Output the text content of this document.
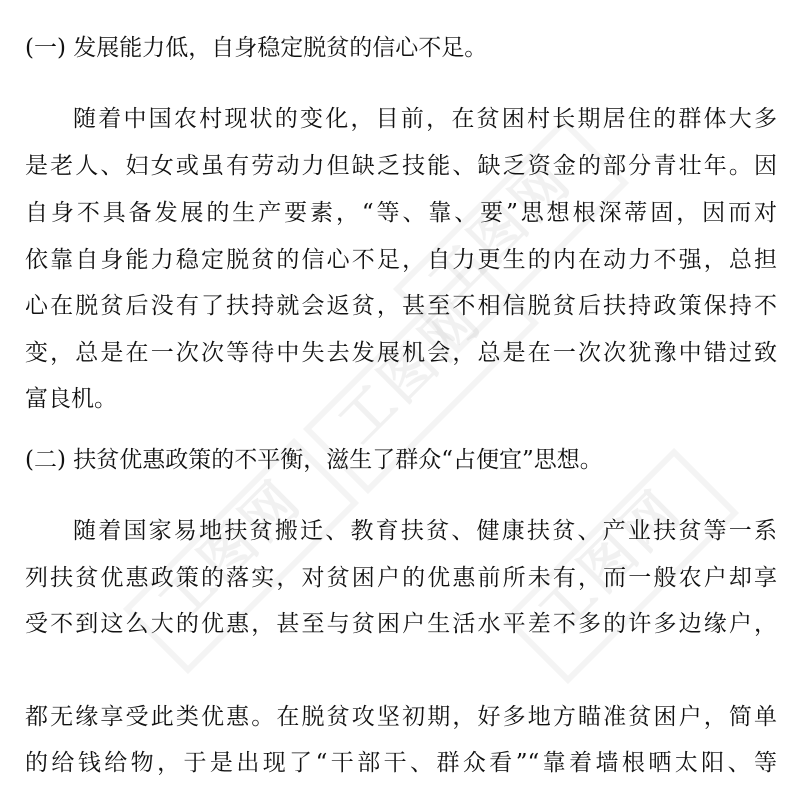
工图网
工图网
工图网
工图网
(一) 发展能力低，自身稳定脱贫的信心不足。
随着中国农村现状的变化，目前，在贫困村长期居住的群体大多
是老人、妇女或虽有劳动力但缺乏技能、缺乏资金的部分青壮年。因
自身不具备发展的生产要素，“等、靠、要”思想根深蒂固，因而对
依靠自身能力稳定脱贫的信心不足，自力更生的内在动力不强，总担
心在脱贫后没有了扶持就会返贫，甚至不相信脱贫后扶持政策保持不
变，总是在一次次等待中失去发展机会，总是在一次次犹豫中错过致
富良机。
(二) 扶贫优惠政策的不平衡，滋生了群众“占便宜”思想。
随着国家易地扶贫搬迁、教育扶贫、健康扶贫、产业扶贫等一系
列扶贫优惠政策的落实，对贫困户的优惠前所未有，而一般农户却享
受不到这么大的优惠，甚至与贫困户生活水平差不多的许多边缘户，
都无缘享受此类优惠。在脱贫攻坚初期，好多地方瞄准贫困户，简单
的给钱给物，于是出现了“干部干、群众看”“靠着墙根晒太阳、等
